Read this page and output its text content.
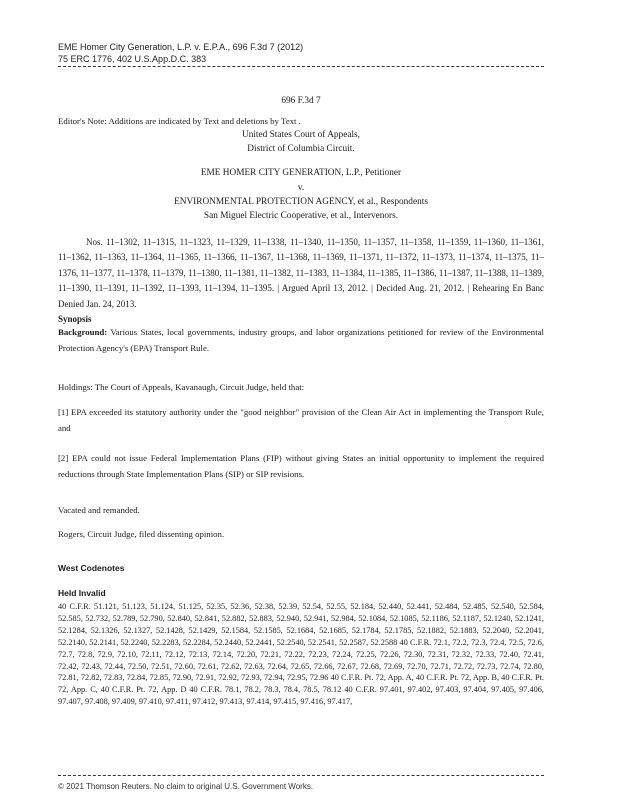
EME Homer City Generation, L.P. v. E.P.A., 696 F.3d 7 (2012)
75 ERC 1776, 402 U.S.App.D.C. 383
696 F.3d 7
Editor's Note: Additions are indicated by Text and deletions by Text .
United States Court of Appeals,
District of Columbia Circuit.
EME HOMER CITY GENERATION, L.P., Petitioner
v.
ENVIRONMENTAL PROTECTION AGENCY, et al., Respondents
San Miguel Electric Cooperative, et al., Intervenors.
Nos. 11–1302, 11–1315, 11–1323, 11–1329, 11–1338, 11–1340, 11–1350, 11–1357, 11–1358, 11–1359, 11–1360, 11–1361, 11–1362, 11–1363, 11–1364, 11–1365, 11–1366, 11–1367, 11–1368, 11–1369, 11–1371, 11–1372, 11–1373, 11–1374, 11–1375, 11–1376, 11–1377, 11–1378, 11–1379, 11–1380, 11–1381, 11–1382, 11–1383, 11–1384, 11–1385, 11–1386, 11–1387, 11–1388, 11–1389, 11–1390, 11–1391, 11–1392, 11–1393, 11–1394, 11–1395. | Argued April 13, 2012. | Decided Aug. 21, 2012. | Rehearing En Banc Denied Jan. 24, 2013.
Synopsis
Background: Various States, local governments, industry groups, and labor organizations petitioned for review of the Environmental Protection Agency's (EPA) Transport Rule.
Holdings: The Court of Appeals, Kavanaugh, Circuit Judge, held that:
[1] EPA exceeded its statutory authority under the "good neighbor" provision of the Clean Air Act in implementing the Transport Rule, and
[2] EPA could not issue Federal Implementation Plans (FIP) without giving States an initial opportunity to implement the required reductions through State Implementation Plans (SIP) or SIP revisions.
Vacated and remanded.
Rogers, Circuit Judge, filed dissenting opinion.
West Codenotes
Held Invalid
40 C.F.R. 51.121, 51.123, 51.124, 51.125, 52.35, 52.36, 52.38, 52.39, 52.54, 52.55, 52.184, 52.440, 52.441, 52.484, 52.485, 52.540, 52.584, 52.585, 52.732, 52.789, 52.790, 52.840, 52.841, 52.882, 52.883, 52.940, 52.941, 52.984, 52.1084, 52.1085, 52.1186, 52.1187, 52.1240, 52.1241, 52.1284, 52.1326, 52.1327, 52.1428, 52.1429, 52.1584, 52.1585, 52.1684, 52.1685, 52.1784, 52.1785, 52.1882, 52.1883, 52.2040, 52.2041, 52.2140, 52.2141, 52.2240, 52.2283, 52.2284, 52.2440, 52.2441, 52.2540, 52.2541, 52.2587, 52.2588 40 C.F.R. 72.1, 72.2, 72.3, 72.4, 72.5, 72.6, 72.7, 72.8, 72.9, 72.10, 72.11, 72.12, 72.13, 72.14, 72.20, 72.21, 72.22, 72.23, 72.24, 72.25, 72.26, 72.30, 72.31, 72.32, 72.33, 72.40, 72.41, 72.42, 72.43, 72.44, 72.50, 72.51, 72.60, 72.61, 72.62, 72.63, 72.64, 72.65, 72.66, 72.67, 72.68, 72.69, 72.70, 72.71, 72.72, 72.73, 72.74, 72.80, 72.81, 72.82, 72.83, 72.84, 72.85, 72.90, 72.91, 72.92, 72.93, 72.94, 72.95, 72.96 40 C.F.R. Pt. 72, App. A, 40 C.F.R. Pt. 72, App. B, 40 C.F.R. Pt. 72, App. C, 40 C.F.R. Pt. 72, App. D 40 C.F.R. 78.1, 78.2, 78.3, 78.4, 78.5, 78.12 40 C.F.R. 97.401, 97.402, 97.403, 97.404, 97.405, 97.406, 97.407, 97.408, 97.409, 97.410, 97.411, 97.412, 97.413, 97.414, 97.415, 97.416, 97.417,
© 2021 Thomson Reuters. No claim to original U.S. Government Works.
